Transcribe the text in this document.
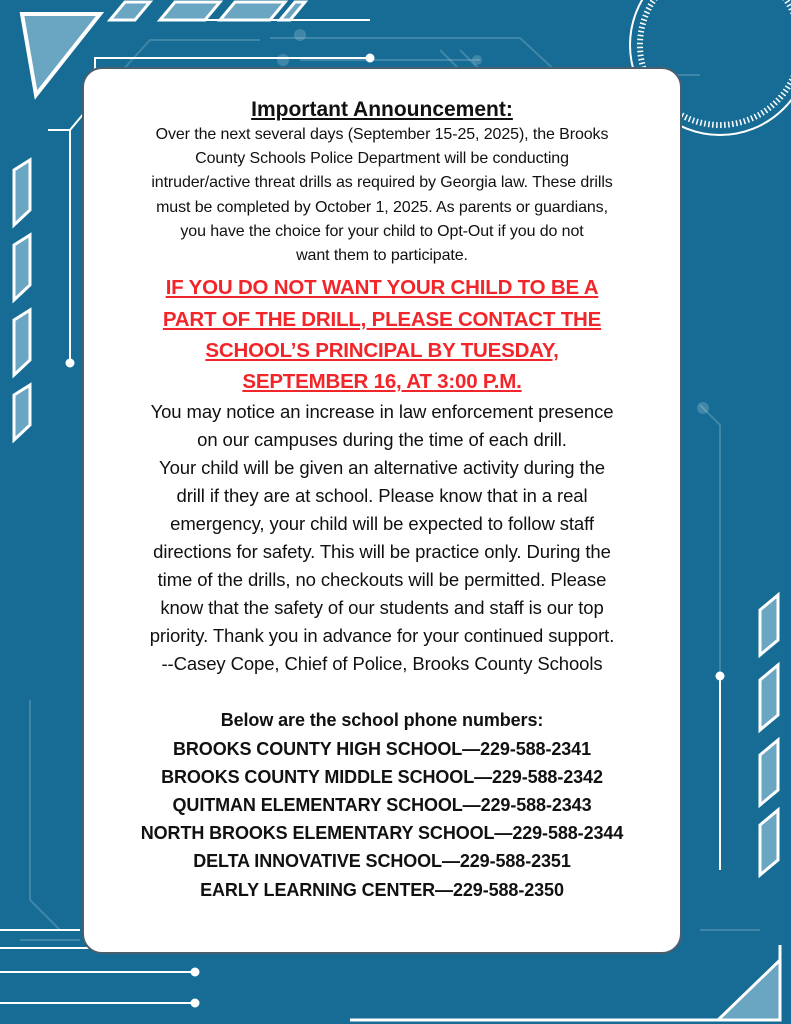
Important Announcement:
Over the next several days (September 15-25, 2025), the Brooks
County Schools Police Department will be conducting
intruder/active threat drills as required by Georgia law. These drills
must be completed by October 1, 2025. As parents or guardians,
you have the choice for your child to Opt-Out if you do not
want them to participate.
IF YOU DO NOT WANT YOUR CHILD TO BE A
PART OF THE DRILL, PLEASE CONTACT THE
SCHOOL’S PRINCIPAL BY TUESDAY,
SEPTEMBER 16, AT 3:00 P.M.
You may notice an increase in law enforcement presence
on our campuses during the time of each drill.
Your child will be given an alternative activity during the
drill if they are at school. Please know that in a real
emergency, your child will be expected to follow staff
directions for safety. This will be practice only. During the
time of the drills, no checkouts will be permitted. Please
know that the safety of our students and staff is our top
priority. Thank you in advance for your continued support.
--Casey Cope, Chief of Police, Brooks County Schools
Below are the school phone numbers:
BROOKS COUNTY HIGH SCHOOL—229-588-2341
BROOKS COUNTY MIDDLE SCHOOL—229-588-2342
QUITMAN ELEMENTARY SCHOOL—229-588-2343
NORTH BROOKS ELEMENTARY SCHOOL—229-588-2344
DELTA INNOVATIVE SCHOOL—229-588-2351
EARLY LEARNING CENTER—229-588-2350
